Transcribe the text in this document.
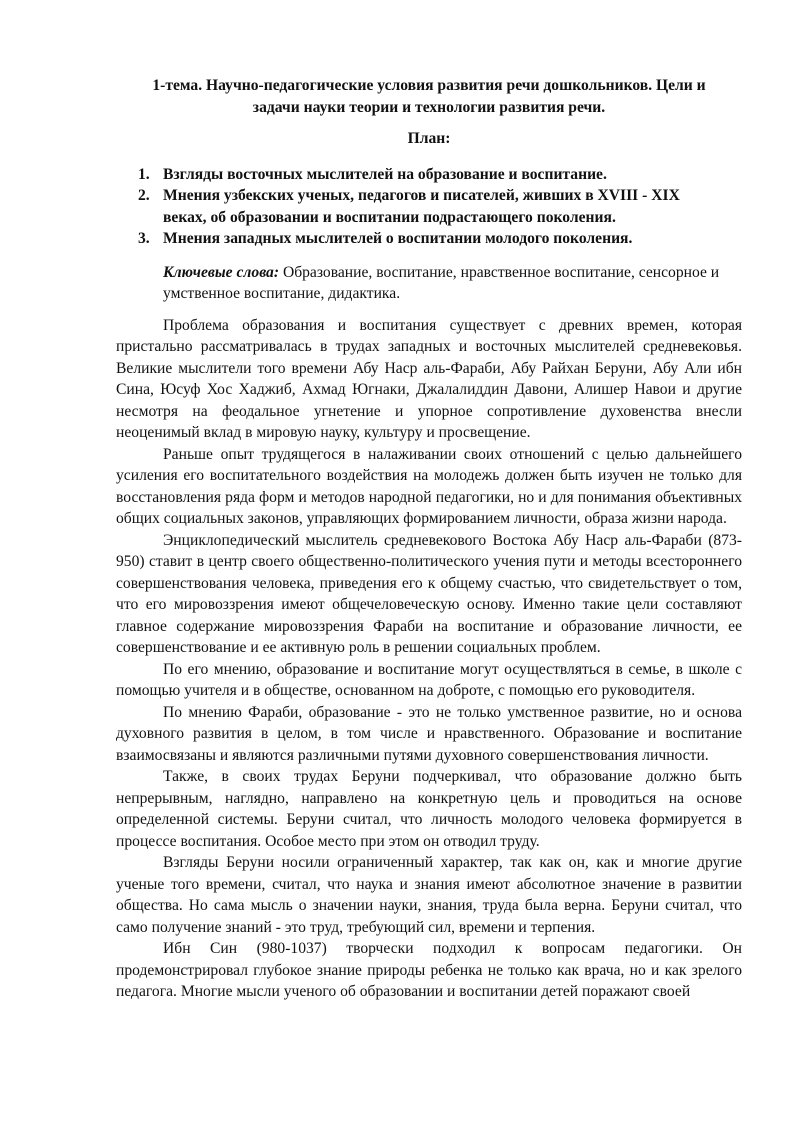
1-тема. Научно-педагогические условия развития речи дошкольников. Цели и задачи науки теории и технологии развития речи.
План:
1. Взгляды восточных мыслителей на образование и воспитание.
2. Мнения узбекских ученых, педагогов и писателей, живших в XVIII - XIX веках, об образовании и воспитании подрастающего поколения.
3. Мнения западных мыслителей о воспитании молодого поколения.
Ключевые слова: Образование, воспитание, нравственное воспитание, сенсорное и умственное воспитание, дидактика.

Проблема образования и воспитания существует с древних времен, которая пристально рассматривалась в трудах западных и восточных мыслителей средневековья. Великие мыслители того времени Абу Наср аль-Фараби, Абу Райхан Беруни, Абу Али ибн Сина, Юсуф Хос Хаджиб, Ахмад Югнаки, Джалалиддин Давони, Алишер Навои и другие несмотря на феодальное угнетение и упорное сопротивление духовенства внесли неоценимый вклад в мировую науку, культуру и просвещение.

Раньше опыт трудящегося в налаживании своих отношений с целью дальнейшего усиления его воспитательного воздействия на молодежь должен быть изучен не только для восстановления ряда форм и методов народной педагогики, но и для понимания объективных общих социальных законов, управляющих формированием личности, образа жизни народа.

Энциклопедический мыслитель средневекового Востока Абу Наср аль-Фараби (873-950) ставит в центр своего общественно-политического учения пути и методы всестороннего совершенствования человека, приведения его к общему счастью, что свидетельствует о том, что его мировоззрения имеют общечеловеческую основу. Именно такие цели составляют главное содержание мировоззрения Фараби на воспитание и образование личности, ее совершенствование и ее активную роль в решении социальных проблем.

По его мнению, образование и воспитание могут осуществляться в семье, в школе с помощью учителя и в обществе, основанном на доброте, с помощью его руководителя.

По мнению Фараби, образование - это не только умственное развитие, но и основа духовного развития в целом, в том числе и нравственного. Образование и воспитание взаимосвязаны и являются различными путями духовного совершенствования личности.

Также, в своих трудах Беруни подчеркивал, что образование должно быть непрерывным, наглядно, направлено на конкретную цель и проводиться на основе определенной системы. Беруни считал, что личность молодого человека формируется в процессе воспитания. Особое место при этом он отводил труду.

Взгляды Беруни носили ограниченный характер, так как он, как и многие другие ученые того времени, считал, что наука и знания имеют абсолютное значение в развитии общества. Но сама мысль о значении науки, знания, труда была верна. Беруни считал, что само получение знаний - это труд, требующий сил, времени и терпения.

Ибн Син (980-1037) творчески подходил к вопросам педагогики. Он продемонстрировал глубокое знание природы ребенка не только как врача, но и как зрелого педагога. Многие мысли ученого об образовании и воспитании детей поражают своей
